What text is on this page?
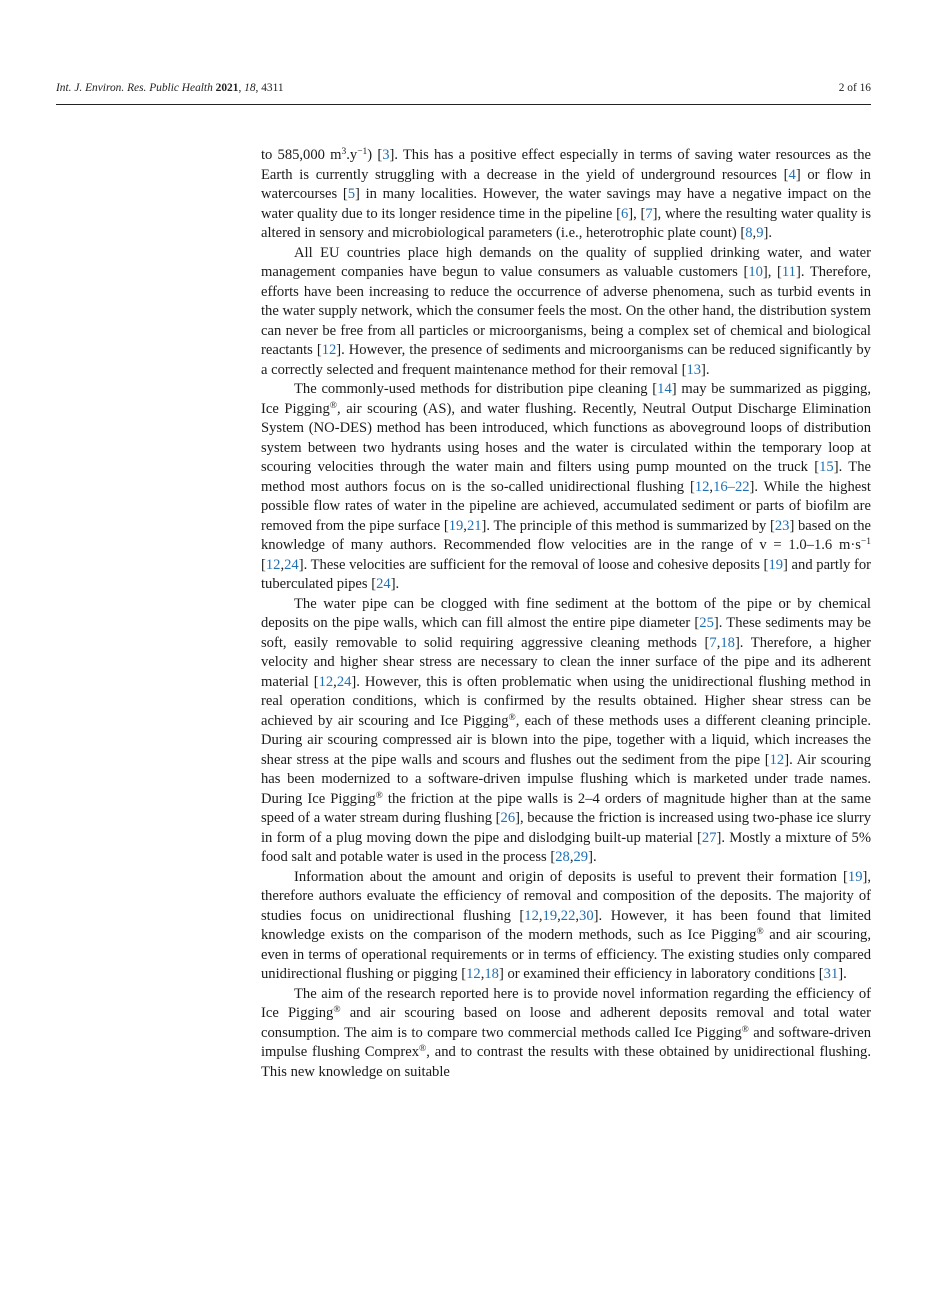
Int. J. Environ. Res. Public Health 2021, 18, 4311	2 of 16

to 585,000 $m^3.y^{-1}$) [3]. This has a positive effect especially in terms of saving water resources as the Earth is currently struggling with a decrease in the yield of underground resources [4] or flow in watercourses [5] in many localities. However, the water savings may have a negative impact on the water quality due to its longer residence time in the pipeline [6], [7], where the resulting water quality is altered in sensory and microbiological parameters (i.e., heterotrophic plate count) [8,9].

All EU countries place high demands on the quality of supplied drinking water, and water management companies have begun to value consumers as valuable customers [10], [11]. Therefore, efforts have been increasing to reduce the occurrence of adverse phenomena, such as turbid events in the water supply network, which the consumer feels the most. On the other hand, the distribution system can never be free from all particles or microorganisms, being a complex set of chemical and biological reactants [12]. However, the presence of sediments and microorganisms can be reduced significantly by a correctly selected and frequent maintenance method for their removal [13].

The commonly-used methods for distribution pipe cleaning [14] may be summarized as pigging, Ice Pigging®, air scouring (AS), and water flushing. Recently, Neutral Output Discharge Elimination System (NO-DES) method has been introduced, which functions as aboveground loops of distribution system between two hydrants using hoses and the water is circulated within the temporary loop at scouring velocities through the water main and filters using pump mounted on the truck [15]. The method most authors focus on is the so-called unidirectional flushing [12,16–22]. While the highest possible flow rates of water in the pipeline are achieved, accumulated sediment or parts of biofilm are removed from the pipe surface [19,21]. The principle of this method is summarized by [23] based on the knowledge of many authors. Recommended flow velocities are in the range of v = 1.0–1.6 $m\cdot s^{-1}$ [12,24]. These velocities are sufficient for the removal of loose and cohesive deposits [19] and partly for tuberculated pipes [24].

The water pipe can be clogged with fine sediment at the bottom of the pipe or by chemical deposits on the pipe walls, which can fill almost the entire pipe diameter [25]. These sediments may be soft, easily removable to solid requiring aggressive cleaning methods [7,18]. Therefore, a higher velocity and higher shear stress are necessary to clean the inner surface of the pipe and its adherent material [12,24]. However, this is often problematic when using the unidirectional flushing method in real operation conditions, which is confirmed by the results obtained. Higher shear stress can be achieved by air scouring and Ice Pigging®, each of these methods uses a different cleaning principle. During air scouring compressed air is blown into the pipe, together with a liquid, which increases the shear stress at the pipe walls and scours and flushes out the sediment from the pipe [12]. Air scouring has been modernized to a software-driven impulse flushing which is marketed under trade names. During Ice Pigging® the friction at the pipe walls is 2–4 orders of magnitude higher than at the same speed of a water stream during flushing [26], because the friction is increased using two-phase ice slurry in form of a plug moving down the pipe and dislodging built-up material [27]. Mostly a mixture of 5% food salt and potable water is used in the process [28,29].

Information about the amount and origin of deposits is useful to prevent their formation [19], therefore authors evaluate the efficiency of removal and composition of the deposits. The majority of studies focus on unidirectional flushing [12,19,22,30]. However, it has been found that limited knowledge exists on the comparison of the modern methods, such as Ice Pigging® and air scouring, even in terms of operational requirements or in terms of efficiency. The existing studies only compared unidirectional flushing or pigging [12,18] or examined their efficiency in laboratory conditions [31].

The aim of the research reported here is to provide novel information regarding the efficiency of Ice Pigging® and air scouring based on loose and adherent deposits removal and total water consumption. The aim is to compare two commercial methods called Ice Pigging® and software-driven impulse flushing Comprex®, and to contrast the results with these obtained by unidirectional flushing. This new knowledge on suitable
